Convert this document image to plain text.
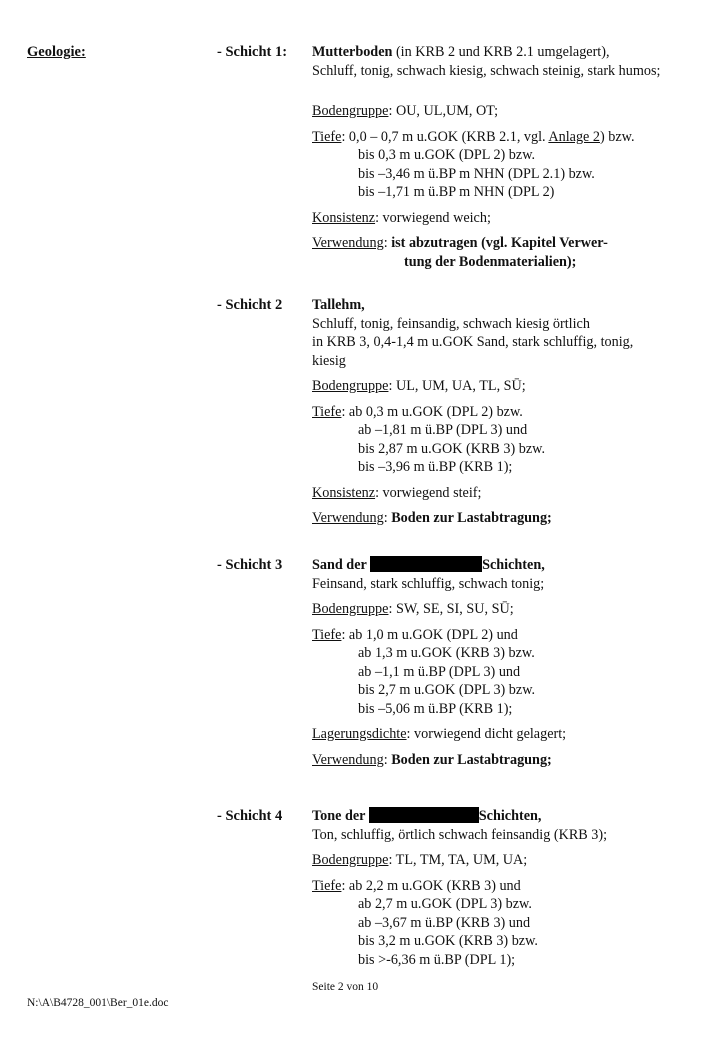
Geologie:	- Schicht 1: Mutterboden (in KRB 2 und KRB 2.1 umgelagert),
Schluff, tonig, schwach kiesig, schwach steinig, stark humos;
Bodengruppe: OU, UL,UM, OT;
Tiefe: 0,0 – 0,7 m u.GOK (KRB 2.1, vgl. Anlage 2) bzw.
bis 0,3 m u.GOK (DPL 2) bzw.
bis –3,46 m ü.BP m NHN (DPL 2.1) bzw.
bis –1,71 m ü.BP m NHN (DPL 2)
Konsistenz: vorwiegend weich;
Verwendung: ist abzutragen (vgl. Kapitel Verwer-
tung der Bodenmaterialien);
- Schicht 2 Tallehm,
Schluff, tonig, feinsandig, schwach kiesig örtlich
in KRB 3, 0,4-1,4 m u.GOK Sand, stark schluffig, tonig,
kiesig
Bodengruppe: UL, UM, UA, TL, SŪ;
Tiefe: ab 0,3 m u.GOK (DPL 2) bzw.
ab –1,81 m ü.BP (DPL 3) und
bis 2,87 m u.GOK (KRB 3) bzw.
bis –3,96 m ü.BP (KRB 1);
Konsistenz: vorwiegend steif;
Verwendung: Boden zur Lastabtragung;
- Schicht 3 Sand der	Schichten,
Feinsand, stark schluffig, schwach tonig;
Bodengruppe: SW, SE, SI, SU, SŪ;
Tiefe: ab 1,0 m u.GOK (DPL 2) und
ab 1,3 m u.GOK (KRB 3) bzw.
ab –1,1 m ü.BP (DPL 3) und
bis 2,7 m u.GOK (DPL 3) bzw.
bis –5,06 m ü.BP (KRB 1);
Lagerungsdichte: vorwiegend dicht gelagert;
Verwendung: Boden zur Lastabtragung;
- Schicht 4 Tone der	Schichten,
Ton, schluffig, örtlich schwach feinsandig (KRB 3);
Bodengruppe: TL, TM, TA, UM, UA;
Tiefe: ab 2,2 m u.GOK (KRB 3) und
ab 2,7 m u.GOK (DPL 3) bzw.
ab –3,67 m ü.BP (KRB 3) und
bis 3,2 m u.GOK (KRB 3) bzw.
bis >-6,36 m ü.BP (DPL 1);
Seite 2 von 10
N:\A\B4728_001\Ber_01e.doc
